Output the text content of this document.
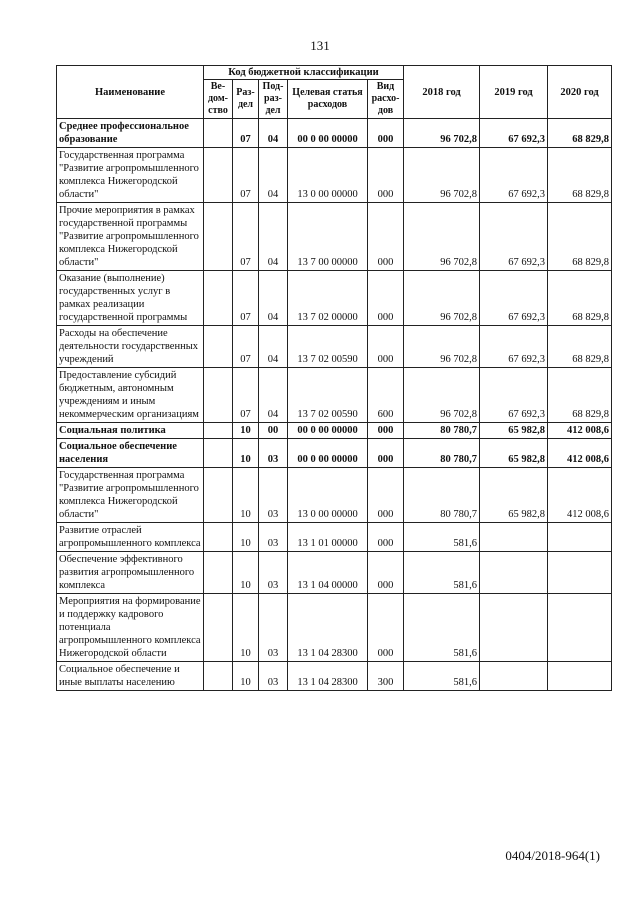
131
Наименование	Код бюджетной классификации					2018 год	2019 год	2020 год
	Ве-дом-ство	Раз-дел	Под-раз-дел	Целевая статья расходов	Вид расхо-дов			
Среднее профессиональное образование		07	04	00 0 00 00000	000	96 702,8	67 692,3	68 829,8
Государственная программа "Развитие агропромышленного комплекса Нижегородской области"		07	04	13 0 00 00000	000	96 702,8	67 692,3	68 829,8
Прочие мероприятия в рамках государственной программы "Развитие агропромышленного комплекса Нижегородской области"		07	04	13 7 00 00000	000	96 702,8	67 692,3	68 829,8
Оказание (выполнение) государственных услуг в рамках реализации государственной программы		07	04	13 7 02 00000	000	96 702,8	67 692,3	68 829,8
Расходы на обеспечение деятельности государственных учреждений		07	04	13 7 02 00590	000	96 702,8	67 692,3	68 829,8
Предоставление субсидий бюджетным, автономным учреждениям и иным некоммерческим организациям		07	04	13 7 02 00590	600	96 702,8	67 692,3	68 829,8
Социальная политика		10	00	00 0 00 00000	000	80 780,7	65 982,8	412 008,6
Социальное обеспечение населения		10	03	00 0 00 00000	000	80 780,7	65 982,8	412 008,6
Государственная программа "Развитие агропромышленного комплекса Нижегородской области"		10	03	13 0 00 00000	000	80 780,7	65 982,8	412 008,6
Развитие отраслей агропромышленного комплекса		10	03	13 1 01 00000	000	581,6		
Обеспечение эффективного развития агропромышленного комплекса		10	03	13 1 04 00000	000	581,6		
Мероприятия на формирование и поддержку кадрового потенциала агропромышленного комплекса Нижегородской области		10	03	13 1 04 28300	000	581,6		
Социальное обеспечение и иные выплаты населению		10	03	13 1 04 28300	300	581,6		
0404/2018-964(1)
